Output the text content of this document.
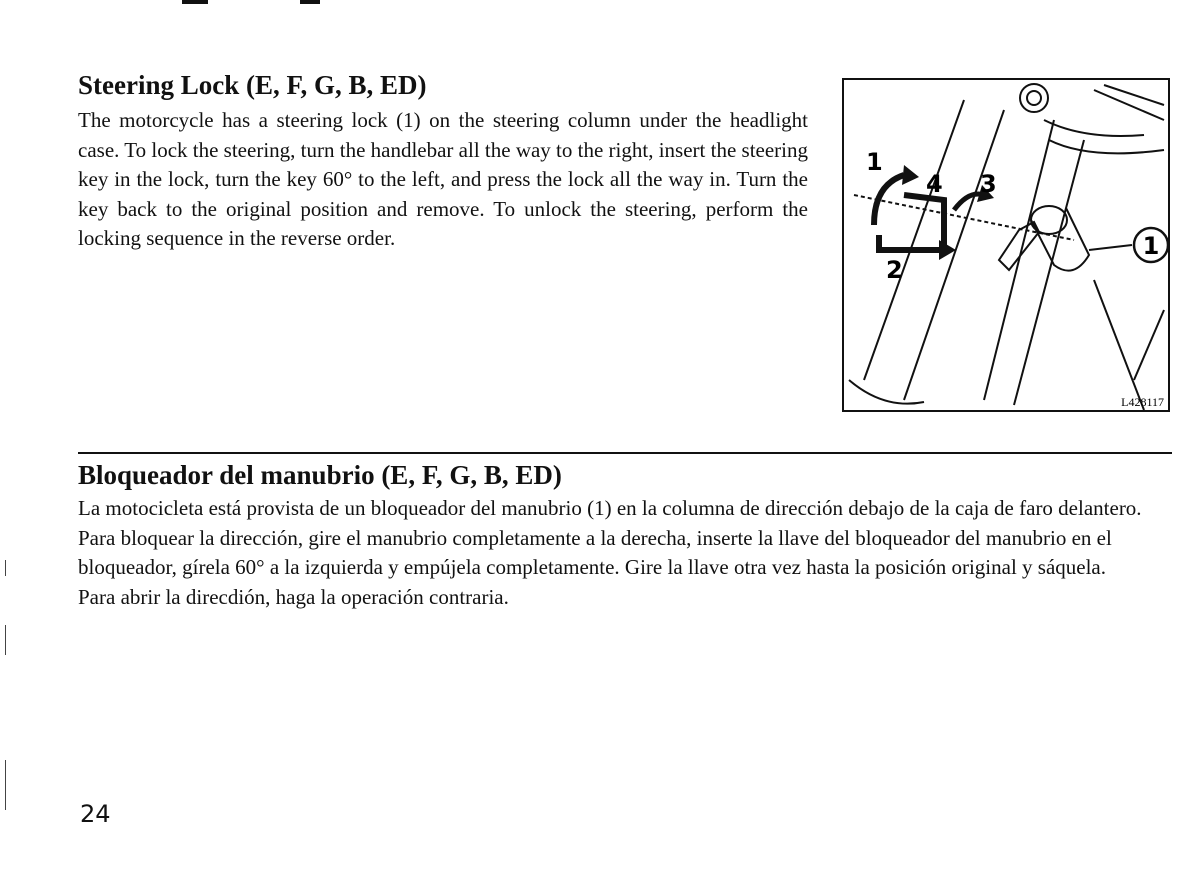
Steering Lock (E, F, G, B, ED)

The motorcycle has a steering lock (1) on the steering column under the headlight case. To lock the steering, turn the handlebar all the way to the right, insert the steering key in the lock, turn the key 60° to the left, and press the lock all the way in. Turn the key back to the original position and remove. To unlock the steering, perform the locking sequence in the reverse order.	1
1
2
3
4
L428117
Bloqueador del manubrio (E, F, G, B, ED)

La motocicleta está provista de un bloqueador del manubrio (1) en la columna de dirección debajo de la caja de faro delantero. Para bloquear la dirección, gire el manubrio completamente a la derecha, inserte la llave del bloqueador del manubrio en el bloqueador, gírela 60° a la izquierda y empújela completamente. Gire la llave otra vez hasta la posición original y sáquela.

Para abrir la direcdión, haga la operación contraria.

24
